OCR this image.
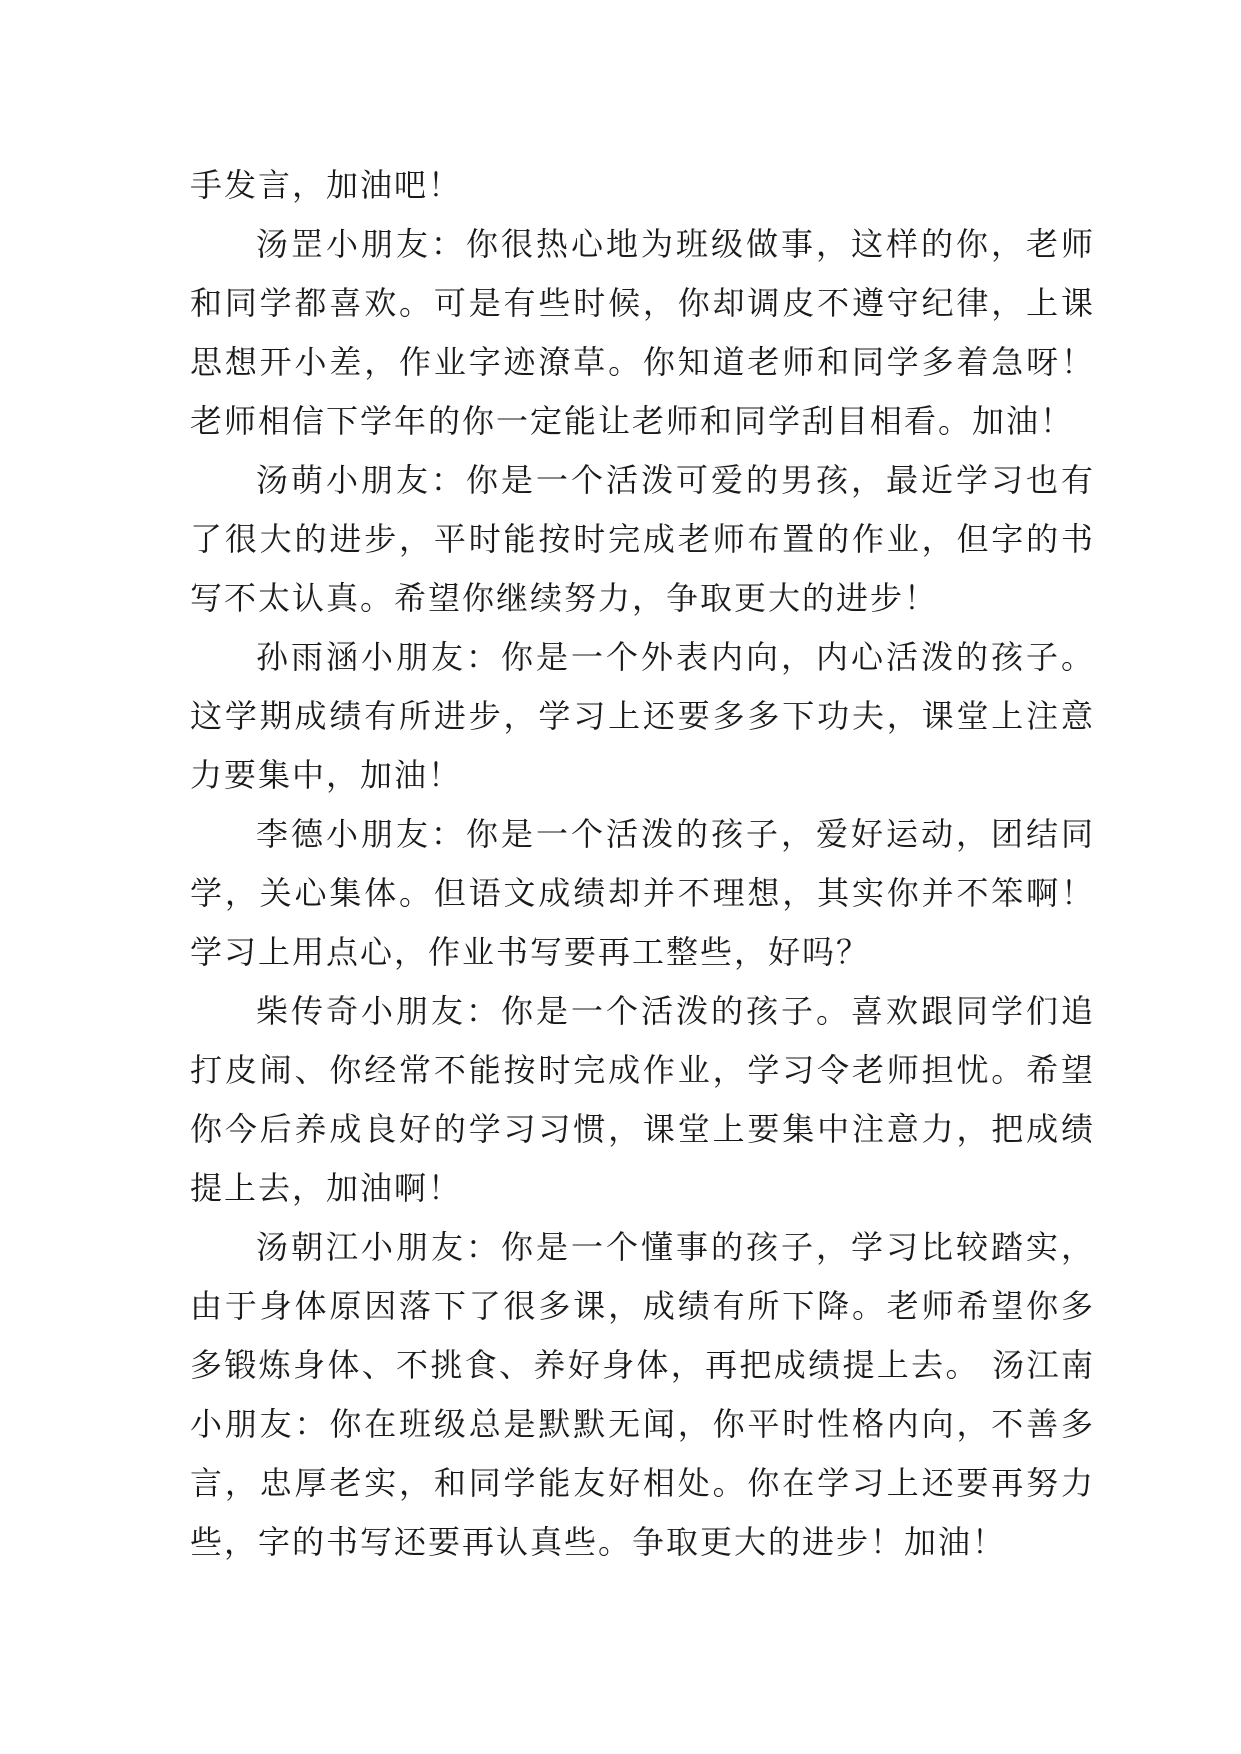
手发言，加油吧！

汤罡小朋友：你很热心地为班级做事，这样的你，老师和同学都喜欢。可是有些时候，你却调皮不遵守纪律，上课思想开小差，作业字迹潦草。你知道老师和同学多着急呀！老师相信下学年的你一定能让老师和同学刮目相看。加油！

汤萌小朋友：你是一个活泼可爱的男孩，最近学习也有了很大的进步，平时能按时完成老师布置的作业，但字的书写不太认真。希望你继续努力，争取更大的进步！

孙雨涵小朋友：你是一个外表内向，内心活泼的孩子。这学期成绩有所进步，学习上还要多多下功夫，课堂上注意力要集中，加油！

李德小朋友：你是一个活泼的孩子，爱好运动，团结同学，关心集体。但语文成绩却并不理想，其实你并不笨啊！学习上用点心，作业书写要再工整些，好吗？

柴传奇小朋友：你是一个活泼的孩子。喜欢跟同学们追打皮闹、你经常不能按时完成作业，学习令老师担忧。希望你今后养成良好的学习习惯，课堂上要集中注意力，把成绩提上去，加油啊！

汤朝江小朋友：你是一个懂事的孩子，学习比较踏实，由于身体原因落下了很多课，成绩有所下降。老师希望你多多锻炼身体、不挑食、养好身体，再把成绩提上去。 汤江南小朋友：你在班级总是默默无闻，你平时性格内向，不善多言，忠厚老实，和同学能友好相处。你在学习上还要再努力些，字的书写还要再认真些。争取更大的进步！加油！
